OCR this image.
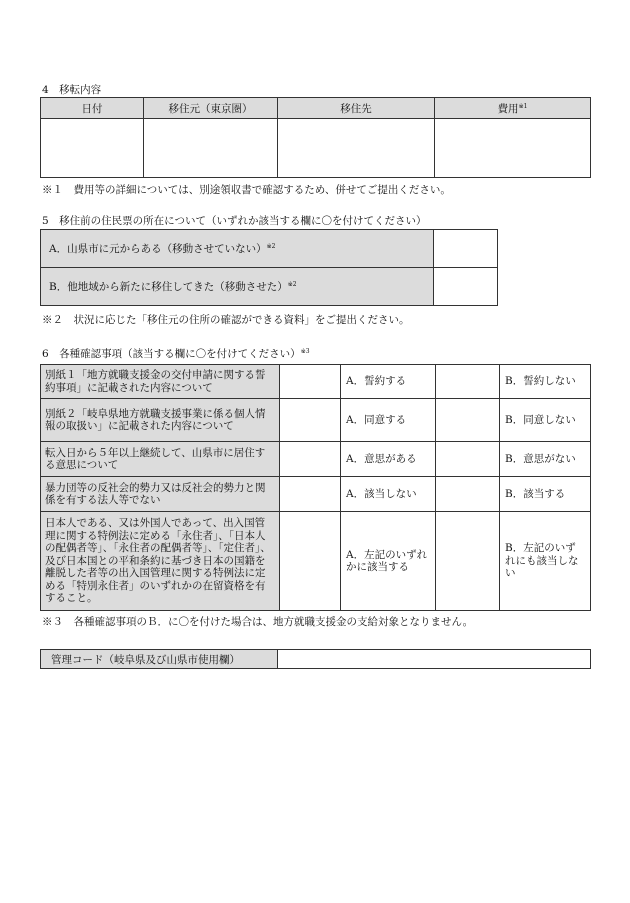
4　移転内容
日付	移住元（東京圏）	移住先	費用$^{※1}$

※１　費用等の詳細については、別途領収書で確認するため、併せてご提出ください。
5　移住前の住民票の所在について（いずれか該当する欄に〇を付けてください）
A．山県市に元からある（移動させていない）$^{※2}$	
B．他地域から新たに移住してきた（移動させた）$^{※2}$	
※２　状況に応じた「移住元の住所の確認ができる資料」をご提出ください。
6　各種確認事項（該当する欄に〇を付けてください）$^{※3}$
別紙１「地方就職支援金の交付申請に関する誓約事項」に記載された内容について		A．誓約する		B．誓約しない
別紙２「岐阜県地方就職支援事業に係る個人情報の取扱い」に記載された内容について		A．同意する		B．同意しない
転入日から５年以上継続して、山県市に居住する意思について		A．意思がある		B．意思がない
暴力団等の反社会的勢力又は反社会的勢力と関係を有する法人等でない		A．該当しない		B．該当する
日本人である、又は外国人であって、出入国管理に関する特例法に定める「永住者」、「日本人の配偶者等」、「永住者の配偶者等」、「定住者」、及び日本国との平和条約に基づき日本の国籍を離脱した者等の出入国管理に関する特例法に定める「特別永住者」のいずれかの在留資格を有すること。		A．左記のいずれかに該当する		B．左記のいずれにも該当しない
※３　各種確認事項のＢ．に〇を付けた場合は、地方就職支援金の支給対象となりません。
管理コード（岐阜県及び山県市使用欄）	
